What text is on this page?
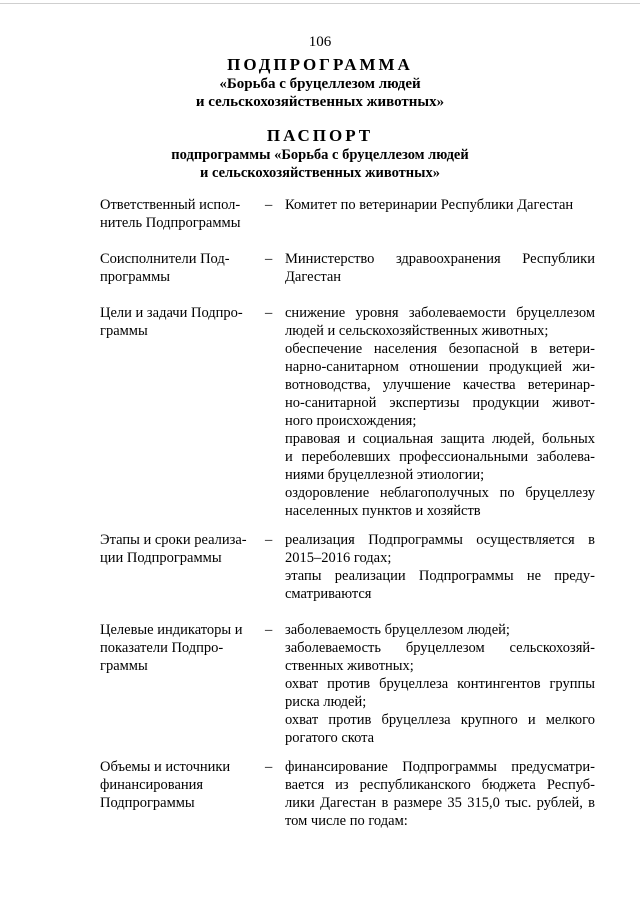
106
ПОДПРОГРАММА
«Борьба с бруцеллезом людей
и сельскохозяйственных животных»
ПАСПОРТ
подпрограммы «Борьба с бруцеллезом людей
и сельскохозяйственных животных»
Ответственный испол- нитель Подпрограммы
– Комитет по ветеринарии Республики Дагестан
Соисполнители Под- программы
– Министерство здравоохранения Республики
Дагестан
Цели и задачи Подпро- граммы
– снижение уровня заболеваемости бруцеллезом
людей и сельскохозяйственных животных;
обеспечение населения безопасной в ветери-
нарно-санитарном отношении продукцией жи-
вотноводства, улучшение качества ветеринар-
но-санитарной экспертизы продукции живот-
ного происхождения;
правовая и социальная защита людей, больных
и переболевших профессиональными заболева-
ниями бруцеллезной этиологии;
оздоровление неблагополучных по бруцеллезу
населенных пунктов и хозяйств
Этапы и сроки реализа- ции Подпрограммы
– реализация Подпрограммы осуществляется в
2015–2016 годах;
этапы реализации Подпрограммы не преду-
сматриваются
Целевые индикаторы и показатели Подпро- граммы
– заболеваемость бруцеллезом людей;
заболеваемость бруцеллезом сельскохозяй-
ственных животных;
охват против бруцеллеза контингентов группы
риска людей;
охват против бруцеллеза крупного и мелкого
рогатого скота
Объемы и источники финансирования Подпрограммы
– финансирование Подпрограммы предусматри-
вается из республиканского бюджета Респуб-
лики Дагестан в размере 35 315,0 тыс. рублей, в
том числе по годам:
